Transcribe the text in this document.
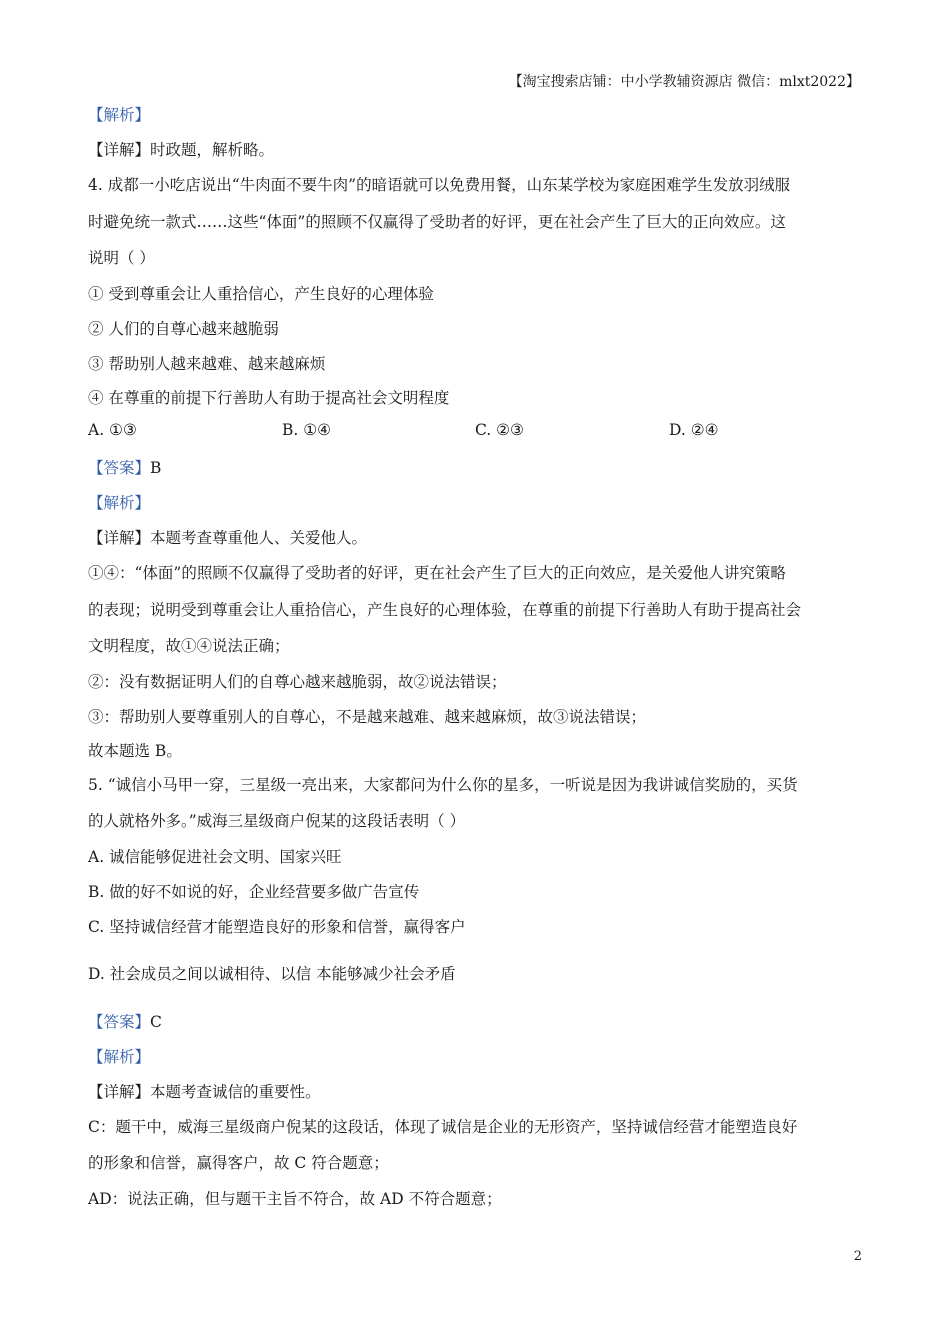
【淘宝搜索店铺：中小学教辅资源店 微信：mlxt2022】
【解析】
【详解】时政题，解析略。
4. 成都一小吃店说出“牛肉面不要牛肉”的暗语就可以免费用餐，山东某学校为家庭困难学生发放羽绒服
时避免统一款式……这些“体面”的照顾不仅赢得了受助者的好评，更在社会产生了巨大的正向效应。这
说明（ ）
① 受到尊重会让人重拾信心，产生良好的心理体验
② 人们的自尊心越来越脆弱
③ 帮助别人越来越难、越来越麻烦
④ 在尊重的前提下行善助人有助于提高社会文明程度
A. ①③	B. ①④	C. ②③	D. ②④
【答案】B
【解析】
【详解】本题考查尊重他人、关爱他人。
①④：“体面”的照顾不仅赢得了受助者的好评，更在社会产生了巨大的正向效应，是关爱他人讲究策略
的表现；说明受到尊重会让人重拾信心，产生良好的心理体验，在尊重的前提下行善助人有助于提高社会
文明程度，故①④说法正确；
②：没有数据证明人们的自尊心越来越脆弱，故②说法错误；
③：帮助别人要尊重别人的自尊心，不是越来越难、越来越麻烦，故③说法错误；
故本题选 B。
5. “诚信小马甲一穿，三星级一亮出来，大家都问为什么你的星多，一听说是因为我讲诚信奖励的，买货
的人就格外多。”威海三星级商户倪某的这段话表明（ ）
A. 诚信能够促进社会文明、国家兴旺
B. 做的好不如说的好，企业经营要多做广告宣传
C. 坚持诚信经营才能塑造良好的形象和信誉，赢得客户
D. 社会成员之间以诚相待、以信 本能够减少社会矛盾
【答案】C
【解析】
【详解】本题考查诚信的重要性。
C：题干中，威海三星级商户倪某的这段话，体现了诚信是企业的无形资产，坚持诚信经营才能塑造良好
的形象和信誉，赢得客户，故 C 符合题意；
AD：说法正确，但与题干主旨不符合，故 AD 不符合题意；
2
